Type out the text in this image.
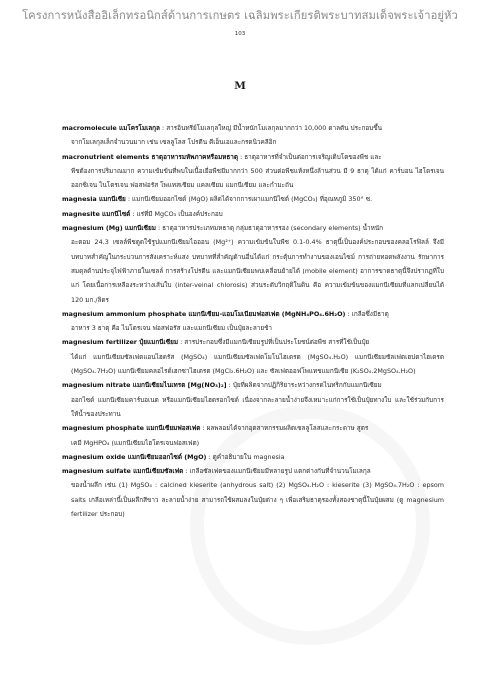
โครงการหนังสืออิเล็กทรอนิกส์ด้านการเกษตร เฉลิมพระเกียรติพระบาทสมเด็จพระเจ้าอยู่หัว
103
M

macromolecule แมโครโมเลกุล : สารอินทรีย์โมเลกุลใหญ่ มีน้ำหนักโมเลกุลมากกว่า 10,000 ดาลตัน ประกอบขึ้น
จากโมเลกุลเล็กจำนวนมาก เช่น เซลลูโลส โปรตีน ดีเอ็นเอและกรดนิวคลีอิก

macronutrient elements ธาตุอาหารมหัพภาคหรือมหธาตุ : ธาตุอาหารที่จำเป็นต่อการเจริญเติบโตของพืช และ
พืชต้องการปริมาณมาก ความเข้มข้นที่พบในเนื้อเยื่อพืชมีมากกว่า 500 ส่วนต่อพืชแห้งหนึ่งล้านส่วน มี 9 ธาตุ ได้แก่ คาร์บอน ไฮโดรเจน ออกซิเจน ไนโตรเจน ฟอสฟอรัส โพแทสเซียม แคลเซียม แมกนีเซียม และกำมะถัน

magnesia แมกนีเซีย : แมกนีเซียมออกไซด์ (MgO) ผลิตได้จากการเผาแมกนีไซต์ (MgCO₃) ที่อุณหภูมิ 350° ซ.

magnesite แมกนีไซต์ : แร่ที่มี MgCO₃ เป็นองค์ประกอบ

magnesium (Mg) แมกนีเซียม : ธาตุอาหารประเภทมหธาตุ กลุ่มธาตุอาหารรอง (secondary elements) น้ำหนัก
อะตอม 24.3 เซลล์พืชดูดใช้รูปแมกนีเซียมไอออน (Mg²⁺) ความเข้มข้นในพืช 0.1-0.4% ธาตุนี้เป็นองค์ประกอบของคลอโรฟิลล์ จึงมีบทบาทสำคัญในกระบวนการสังเคราะห์แสง บทบาทที่สำคัญด้านอื่นได้แก่ กระตุ้นการทำงานของเอนไซม์ การถ่ายทอดพลังงาน รักษาการสมดุลด้านประจุไฟฟ้าภายในเซลล์ การสร้างโปรตีน และแมกนีเซียมพบเคลื่อนย้ายได้ (mobile element) อาการขาดธาตุนี้จึงปรากฏที่ใบแก่ โดยเนื้อการเหลืองระหว่างเส้นใบ (inter-veinal chlorosis) ส่วนระดับวิกฤติในดิน คือ ความเข้มข้นของแมกนีเซียมที่แลกเปลี่ยนได้ 120 มก./ลิตร

magnesium ammonium phosphate แมกนีเซียม-แอมโมเนียมฟอสเฟต (MgNH₄PO₄.6H₂O) : เกลือซึ่งมีธาตุ
อาหาร 3 ธาตุ คือ ไนโตรเจน ฟอสฟอรัส และแมกนีเซียม เป็นปุ๋ยละลายช้า

magnesium fertilizer ปุ๋ยแมกนีเซียม : สารประกอบซึ่งมีแมกนีเซียมรูปที่เป็นประโยชน์ต่อพืช สารที่ใช้เป็นปุ๋ย
ได้แก่ แมกนีเซียมซัลเฟตแอนไฮดรัส (MgSO₄) แมกนีเซียมซัลเฟตโมโนไฮเดรต (MgSO₄.H₂O) แมกนีเซียมซัลเฟตเฮปตาไฮเดรต (MgSO₄.7H₂O) แมกนีเซียมคลอไรด์เฮกซาไฮเดรต (MgCl₂.6H₂O) และ ซัลเฟตออฟโพแทชแมกนีเซีย (K₂SO₄.2MgSO₄.H₂O)

magnesium nitrate แมกนีเซียมไนเทรต [Mg(NO₃)₂] : ปุ๋ยที่ผลิตจากปฏิกิริยาระหว่างกรดไนทริกกับแมกนีเซียม
ออกไซด์ แมกนีเซียมคาร์บอเนต หรือแมกนีเซียมไฮดรอกไซด์ เนื่องจากละลายน้ำง่ายจึงเหมาะแก่การใช้เป็นปุ๋ยทางใบ และใช้ร่วมกับการให้น้ำของประทาน

magnesium phosphate แมกนีเซียมฟอสเฟต : ผลพลอยได้จากอุตสาหกรรมผลิตเซลลูโลสและกระดาษ สูตร
เคมี MgHPO₄ (แมกนีเซียมไฮโดรเจนฟอสเฟต)

magnesium oxide แมกนีเซียมออกไซด์ (MgO) : ดูคำอธิบายใน magnesia

magnesium sulfate แมกนีเซียมซัลเฟต : เกลือซัลเฟตของแมกนีเซียมมีหลายรูป แตกต่างกันที่จำนวนโมเลกุล
ของน้ำผลึก เช่น (1) MgSO₄ : calcined kieserite (anhydrous salt) (2) MgSO₄.H₂O : kieserite (3) MgSO₄.7H₂O : epsom salts เกลือเหล่านี้เป็นผลึกสีขาว ละลายน้ำง่าย สามารถใช้ผสมลงในปุ๋ยต่าง ๆ เพื่อเสริมธาตุรองทั้งสองชาตุนี้ในปุ๋ยผสม (ดู magnesium fertilizer ประกอบ)
